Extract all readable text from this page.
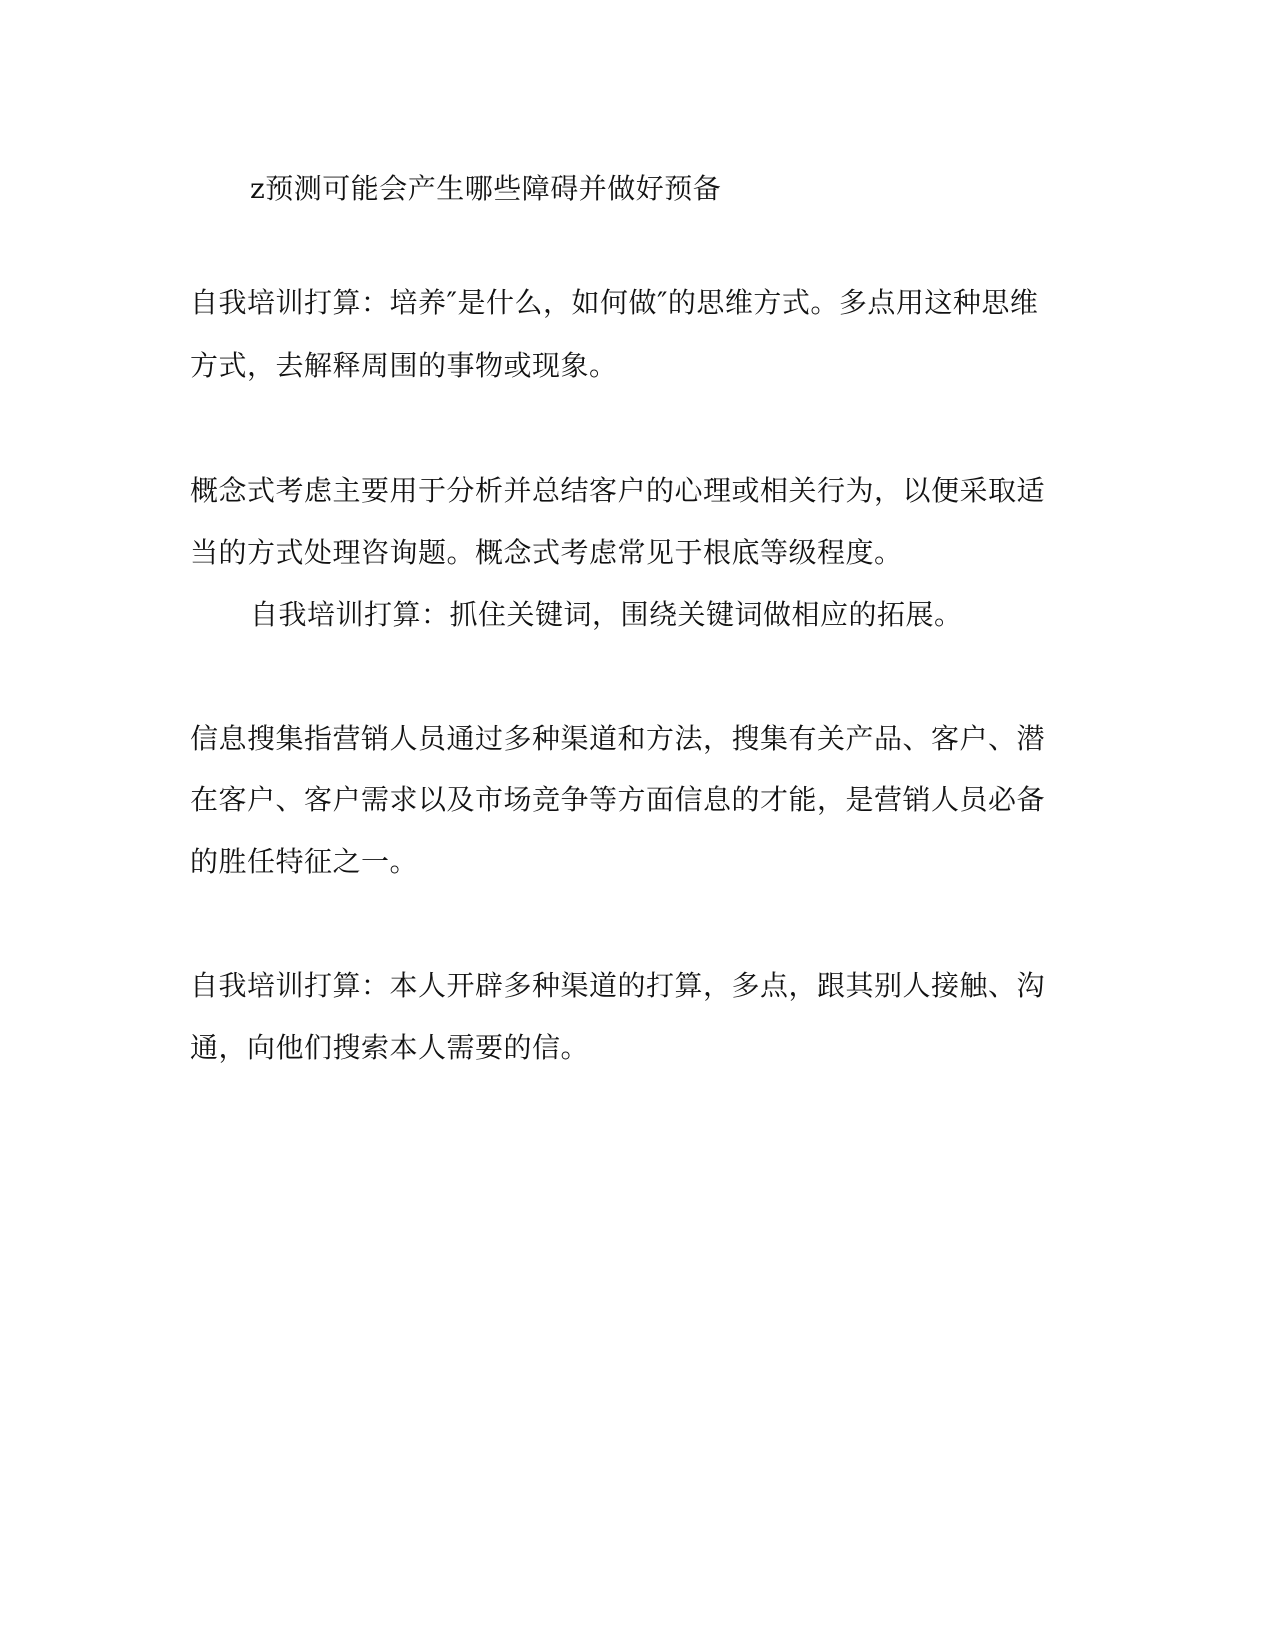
z预测可能会产生哪些障碍并做好预备

自我培训打算：培养″是什么，如何做″的思维方式。多点用这种思维

方式，去解释周围的事物或现象。

概念式考虑主要用于分析并总结客户的心理或相关行为，以便采取适

当的方式处理咨询题。概念式考虑常见于根底等级程度。

自我培训打算：抓住关键词，围绕关键词做相应的拓展。

信息搜集指营销人员通过多种渠道和方法，搜集有关产品、客户、潜

在客户、客户需求以及市场竞争等方面信息的才能，是营销人员必备

的胜任特征之一。

自我培训打算：本人开辟多种渠道的打算，多点，跟其别人接触、沟

通，向他们搜索本人需要的信。
